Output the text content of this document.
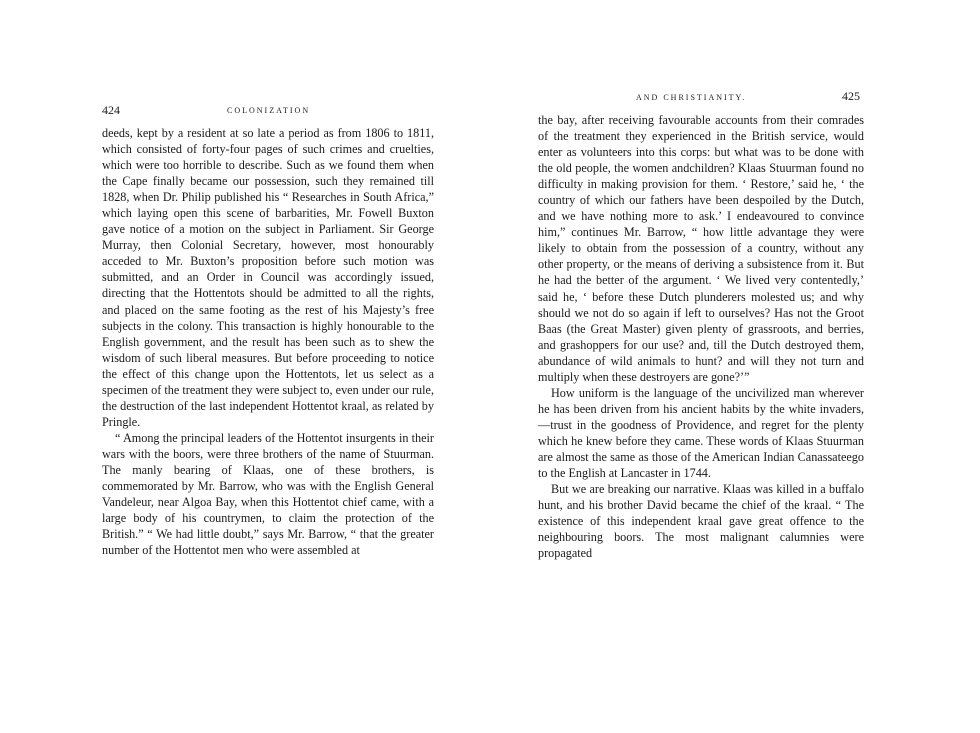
424	COLONIZATION

deeds, kept by a resident at so late a period as from 1806 to 1811, which consisted of forty-four pages of such crimes and cruelties, which were too horrible to describe. Such as we found them when the Cape finally became our possession, such they remained till 1828, when Dr. Philip published his “ Researches in South Africa,” which laying open this scene of barbarities, Mr. Fowell Buxton gave notice of a motion on the subject in Parliament. Sir George Murray, then Colonial Secretary, however, most honourably acceded to Mr. Buxton’s proposition before such motion was submitted, and an Order in Council was accordingly issued, directing that the Hottentots should be admitted to all the rights, and placed on the same footing as the rest of his Majesty’s free subjects in the colony. This transaction is highly honourable to the English government, and the result has been such as to shew the wisdom of such liberal measures. But before proceeding to notice the effect of this change upon the Hottentots, let us select as a specimen of the treatment they were subject to, even under our rule, the destruction of the last independent Hottentot kraal, as related by Pringle.

“ Among the principal leaders of the Hottentot insurgents in their wars with the boors, were three brothers of the name of Stuurman. The manly bearing of Klaas, one of these brothers, is commemorated by Mr. Barrow, who was with the English General Vandeleur, near Algoa Bay, when this Hottentot chief came, with a large body of his countrymen, to claim the protection of the British.” “ We had little doubt,” says Mr. Barrow, “ that the greater number of the Hottentot men who were assembled at

AND CHRISTIANITY.	425

the bay, after receiving favourable accounts from their comrades of the treatment they experienced in the British service, would enter as volunteers into this corps: but what was to be done with the old people, the women andchildren? Klaas Stuurman found no difficulty in making provision for them. ‘ Restore,’ said he, ‘ the country of which our fathers have been despoiled by the Dutch, and we have nothing more to ask.’ I endeavoured to convince him,” continues Mr. Barrow, “ how little advantage they were likely to obtain from the possession of a country, without any other property, or the means of deriving a subsistence from it. But he had the better of the argument. ‘ We lived very contentedly,’ said he, ‘ before these Dutch plunderers molested us; and why should we not do so again if left to ourselves? Has not the Groot Baas (the Great Master) given plenty of grassroots, and berries, and grashoppers for our use? and, till the Dutch destroyed them, abundance of wild animals to hunt? and will they not turn and multiply when these destroyers are gone?’”

How uniform is the language of the uncivilized man wherever he has been driven from his ancient habits by the white invaders,—trust in the goodness of Providence, and regret for the plenty which he knew before they came. These words of Klaas Stuurman are almost the same as those of the American Indian Canassateego to the English at Lancaster in 1744.

But we are breaking our narrative. Klaas was killed in a buffalo hunt, and his brother David became the chief of the kraal. “ The existence of this independent kraal gave great offence to the neighbouring boors. The most malignant calumnies were propagated
